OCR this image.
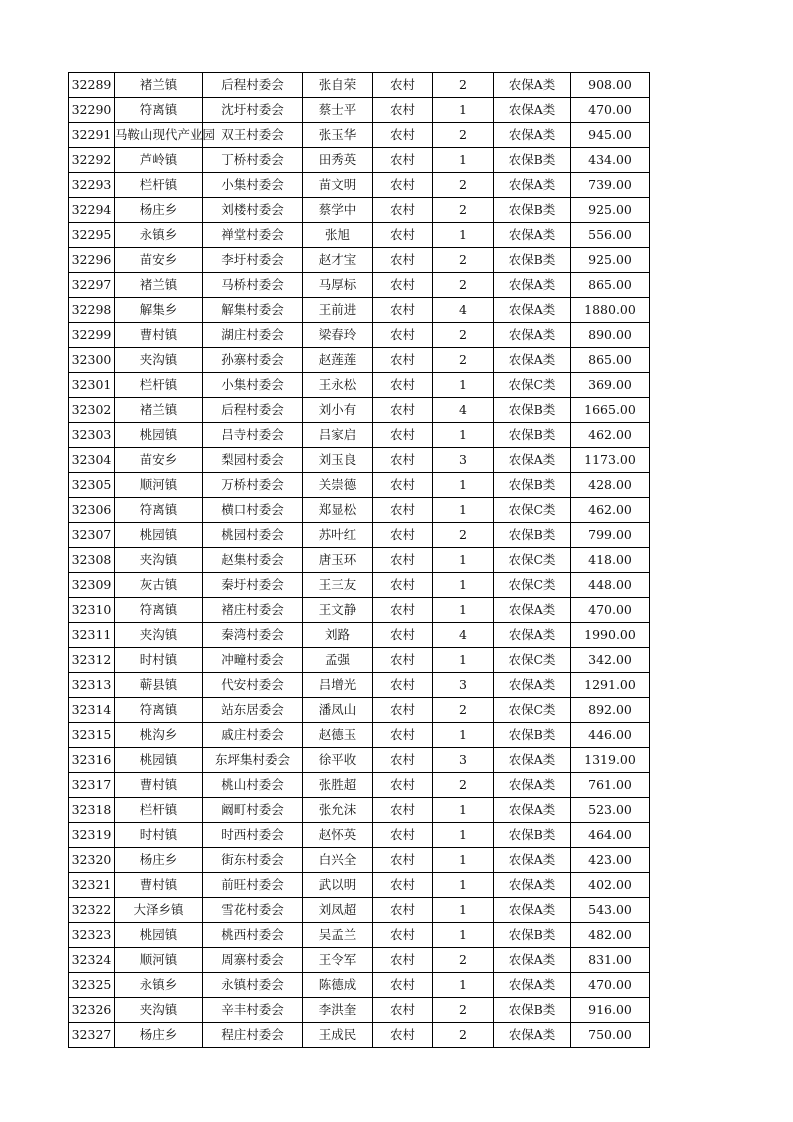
32289	褚兰镇	后程村委会	张自荣	农村	2	农保A类	908.00
32290	符离镇	沈圩村委会	蔡士平	农村	1	农保A类	470.00
32291	马鞍山现代产业园	双王村委会	张玉华	农村	2	农保A类	945.00
32292	芦岭镇	丁桥村委会	田秀英	农村	1	农保B类	434.00
32293	栏杆镇	小集村委会	苗文明	农村	2	农保A类	739.00
32294	杨庄乡	刘楼村委会	蔡学中	农村	2	农保B类	925.00
32295	永镇乡	禅堂村委会	张旭	农村	1	农保A类	556.00
32296	苗安乡	李圩村委会	赵才宝	农村	2	农保B类	925.00
32297	褚兰镇	马桥村委会	马厚标	农村	2	农保A类	865.00
32298	解集乡	解集村委会	王前进	农村	4	农保A类	1880.00
32299	曹村镇	湖庄村委会	梁春玲	农村	2	农保A类	890.00
32300	夹沟镇	孙寨村委会	赵莲莲	农村	2	农保A类	865.00
32301	栏杆镇	小集村委会	王永松	农村	1	农保C类	369.00
32302	褚兰镇	后程村委会	刘小有	农村	4	农保B类	1665.00
32303	桃园镇	吕寺村委会	吕家启	农村	1	农保B类	462.00
32304	苗安乡	梨园村委会	刘玉良	农村	3	农保A类	1173.00
32305	顺河镇	万桥村委会	关崇德	农村	1	农保B类	428.00
32306	符离镇	横口村委会	郑显松	农村	1	农保C类	462.00
32307	桃园镇	桃园村委会	苏叶红	农村	2	农保B类	799.00
32308	夹沟镇	赵集村委会	唐玉环	农村	1	农保C类	418.00
32309	灰古镇	秦圩村委会	王三友	农村	1	农保C类	448.00
32310	符离镇	褚庄村委会	王文静	农村	1	农保A类	470.00
32311	夹沟镇	秦湾村委会	刘路	农村	4	农保A类	1990.00
32312	时村镇	冲疃村委会	孟强	农村	1	农保C类	342.00
32313	蕲县镇	代安村委会	吕增光	农村	3	农保A类	1291.00
32314	符离镇	站东居委会	潘凤山	农村	2	农保C类	892.00
32315	桃沟乡	戚庄村委会	赵德玉	农村	1	农保B类	446.00
32316	桃园镇	东坪集村委会	徐平收	农村	3	农保A类	1319.00
32317	曹村镇	桃山村委会	张胜超	农村	2	农保A类	761.00
32318	栏杆镇	阚町村委会	张允沫	农村	1	农保A类	523.00
32319	时村镇	时西村委会	赵怀英	农村	1	农保B类	464.00
32320	杨庄乡	街东村委会	白兴全	农村	1	农保A类	423.00
32321	曹村镇	前旺村委会	武以明	农村	1	农保A类	402.00
32322	大泽乡镇	雪花村委会	刘凤超	农村	1	农保A类	543.00
32323	桃园镇	桃西村委会	吴孟兰	农村	1	农保B类	482.00
32324	顺河镇	周寨村委会	王令军	农村	2	农保A类	831.00
32325	永镇乡	永镇村委会	陈德成	农村	1	农保A类	470.00
32326	夹沟镇	辛丰村委会	李洪奎	农村	2	农保B类	916.00
32327	杨庄乡	程庄村委会	王成民	农村	2	农保A类	750.00
